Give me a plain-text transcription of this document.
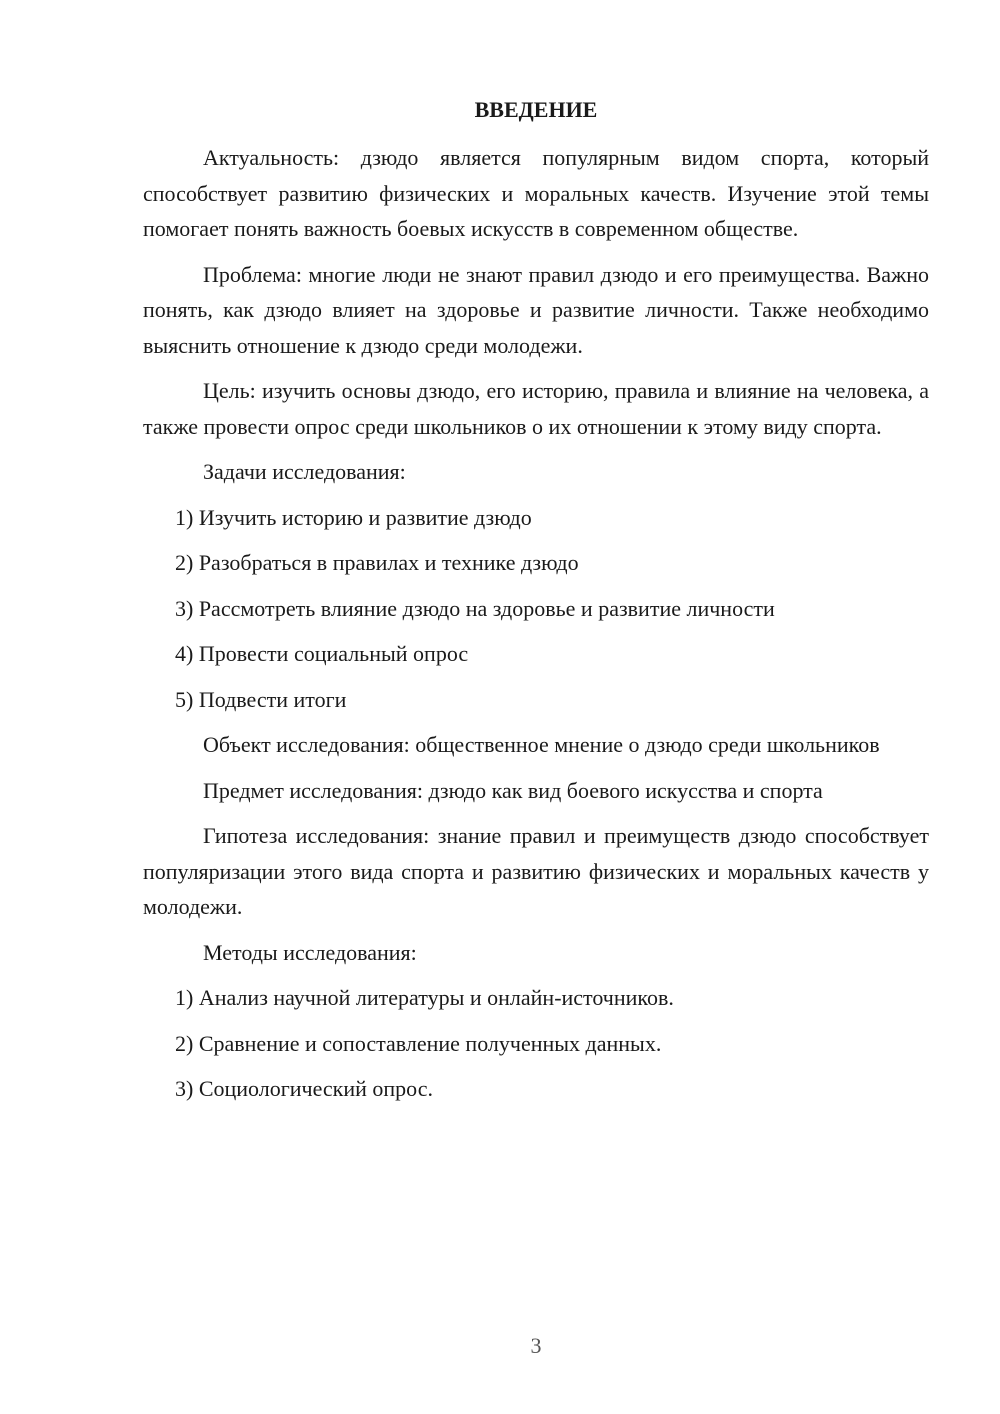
ВВЕДЕНИЕ

Актуальность: дзюдо является популярным видом спорта, который способствует развитию физических и моральных качеств. Изучение этой темы помогает понять важность боевых искусств в современном обществе.

Проблема: многие люди не знают правил дзюдо и его преимущества. Важно понять, как дзюдо влияет на здоровье и развитие личности. Также необходимо выяснить отношение к дзюдо среди молодежи.

Цель: изучить основы дзюдо, его историю, правила и влияние на человека, а также провести опрос среди школьников о их отношении к этому виду спорта.

Задачи исследования:

1) Изучить историю и развитие дзюдо
2) Разобраться в правилах и технике дзюдо
3) Рассмотреть влияние дзюдо на здоровье и развитие личности
4) Провести социальный опрос
5) Подвести итоги

Объект исследования: общественное мнение о дзюдо среди школьников

Предмет исследования: дзюдо как вид боевого искусства и спорта

Гипотеза исследования: знание правил и преимуществ дзюдо способствует популяризации этого вида спорта и развитию физических и моральных качеств у молодежи.

Методы исследования:

1) Анализ научной литературы и онлайн-источников.
2) Сравнение и сопоставление полученных данных.
3) Социологический опрос.
3
